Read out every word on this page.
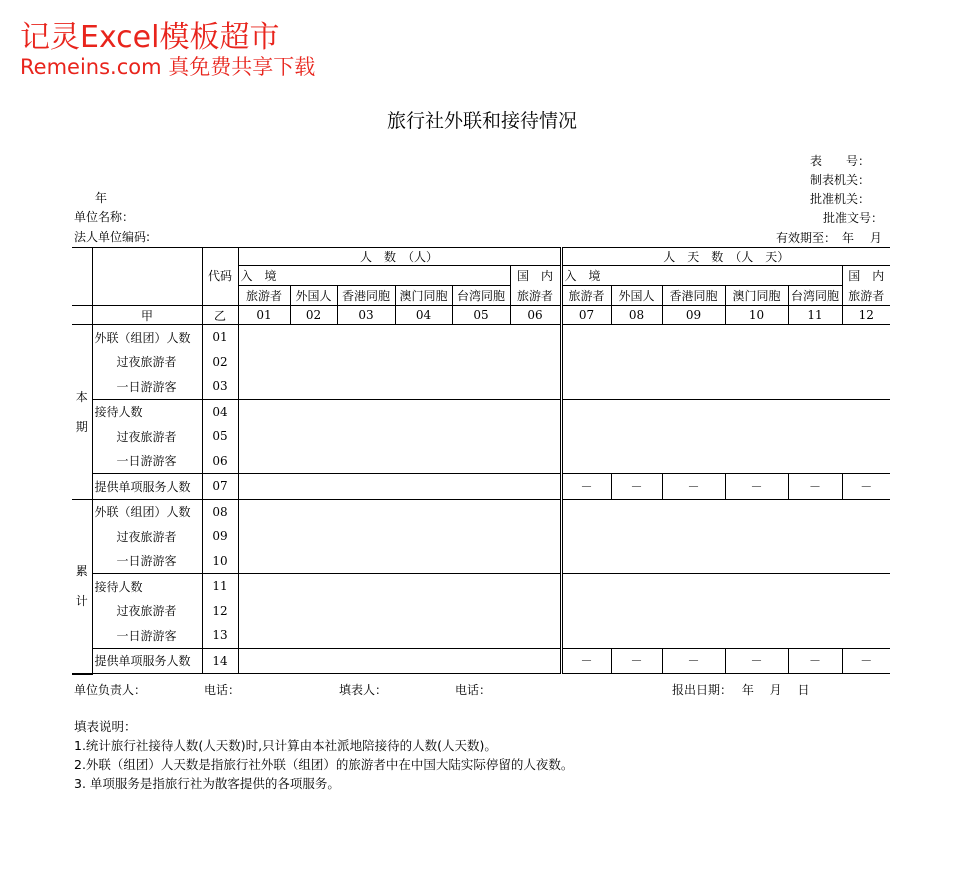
记灵Excel模板超市
Remeins.com 真免费共享下载
旅行社外联和接待情况
表　　号：
制表机关：
批准机关：
批准文号：
有效期至：　年　 月
年
单位名称：
法人单位编码:
			人　数　（人）						人　天　数　（人　天）					
		代码	入　境					国　内	入　境					国　内
			旅游者	外国人	香港同胞	澳门同胞	台湾同胞	旅游者	旅游者	外国人	香港同胞	澳门同胞	台湾同胞	旅游者
	甲	乙	01	02	03	04	05	06	07	08	09	10	11	12
本
期	外联（组团）人数	01												
	过夜旅游者	02												
	一日游游客	03												
	接待人数	04												
	过夜旅游者	05												
	一日游游客	06												
	提供单项服务人数	07							－	－	－	－	－	－
累
计	外联（组团）人数	08												
	过夜旅游者	09												
	一日游游客	10												
	接待人数	11												
	过夜旅游者	12												
	一日游游客	13												
	提供单项服务人数	14							－	－	－	－	－	－
单位负责人：	电话：	填表人：	电话：	报出日期：　 年　 月　 日
填表说明：
1.统计旅行社接待人数(人天数)时,只计算由本社派地陪接待的人数(人天数)。
2.外联（组团）人天数是指旅行社外联（组团）的旅游者中在中国大陆实际停留的人夜数。
3. 单项服务是指旅行社为散客提供的各项服务。
